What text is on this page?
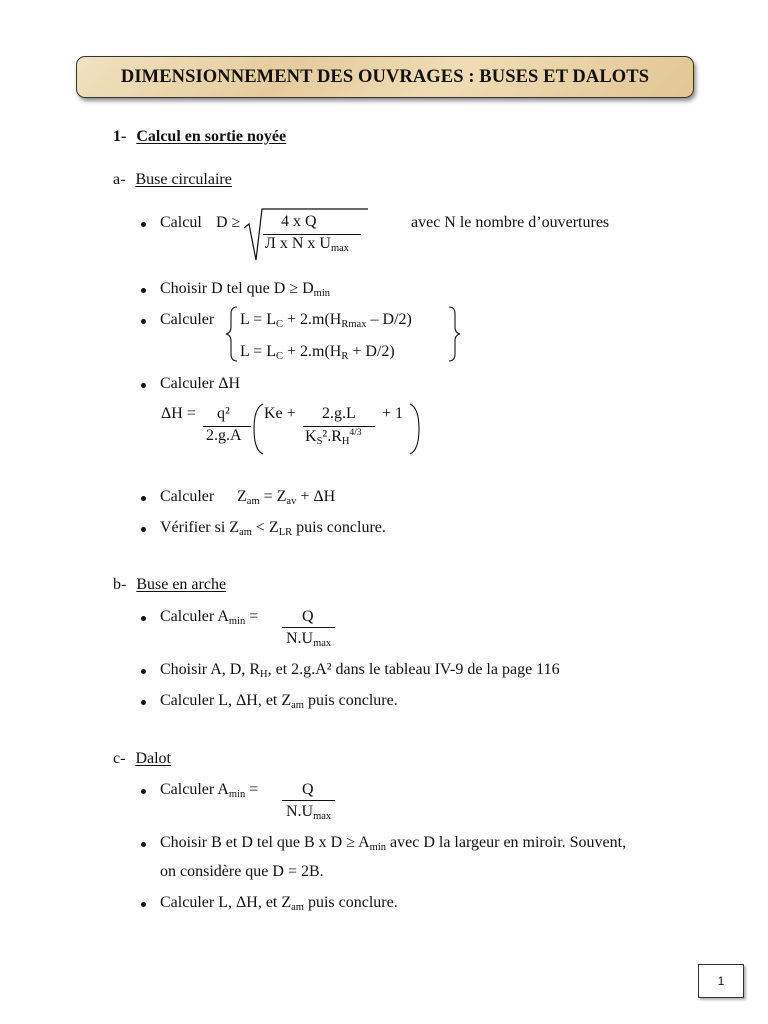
DIMENSIONNEMENT DES OUVRAGES : BUSES ET DALOTS
1- Calcul en sortie noyée
a- Buse circulaire
Calcul D ≥	4 x Q
Л x N x $U_{max}$
avec N le nombre d’ouvertures
Choisir D tel que $D \ge D_{min}$
Calculer $L = L_C + 2.m(H_{Rmax} - D/2)$
$L = L_C + 2.m(H_R + D/2)$
Calculer ΔH
ΔH = q²
2.g.A
Ke + 2.g.L
$K_S^2.R_H^{4/3}$
+ 1
Calculer $Z_{am} = Z_{av} + \Delta H$
Vérifier si $Z_{am} < Z_{LR}$ puis conclure.
b- Buse en arche
Calculer $A_{min}$ =	Q
$N.U_{max}$
Choisir A, D, $R_H$, et 2.g.A² dans le tableau IV-9 de la page 116
Calculer L, ΔH, et $Z_{am}$ puis conclure.
c- Dalot
Calculer $A_{min}$ =	Q
$N.U_{max}$
Choisir B et D tel que B x $D \ge A_{min}$ avec D la largeur en miroir. Souvent,
on considère que D = 2B.
Calculer L, ΔH, et $Z_{am}$ puis conclure.
1
